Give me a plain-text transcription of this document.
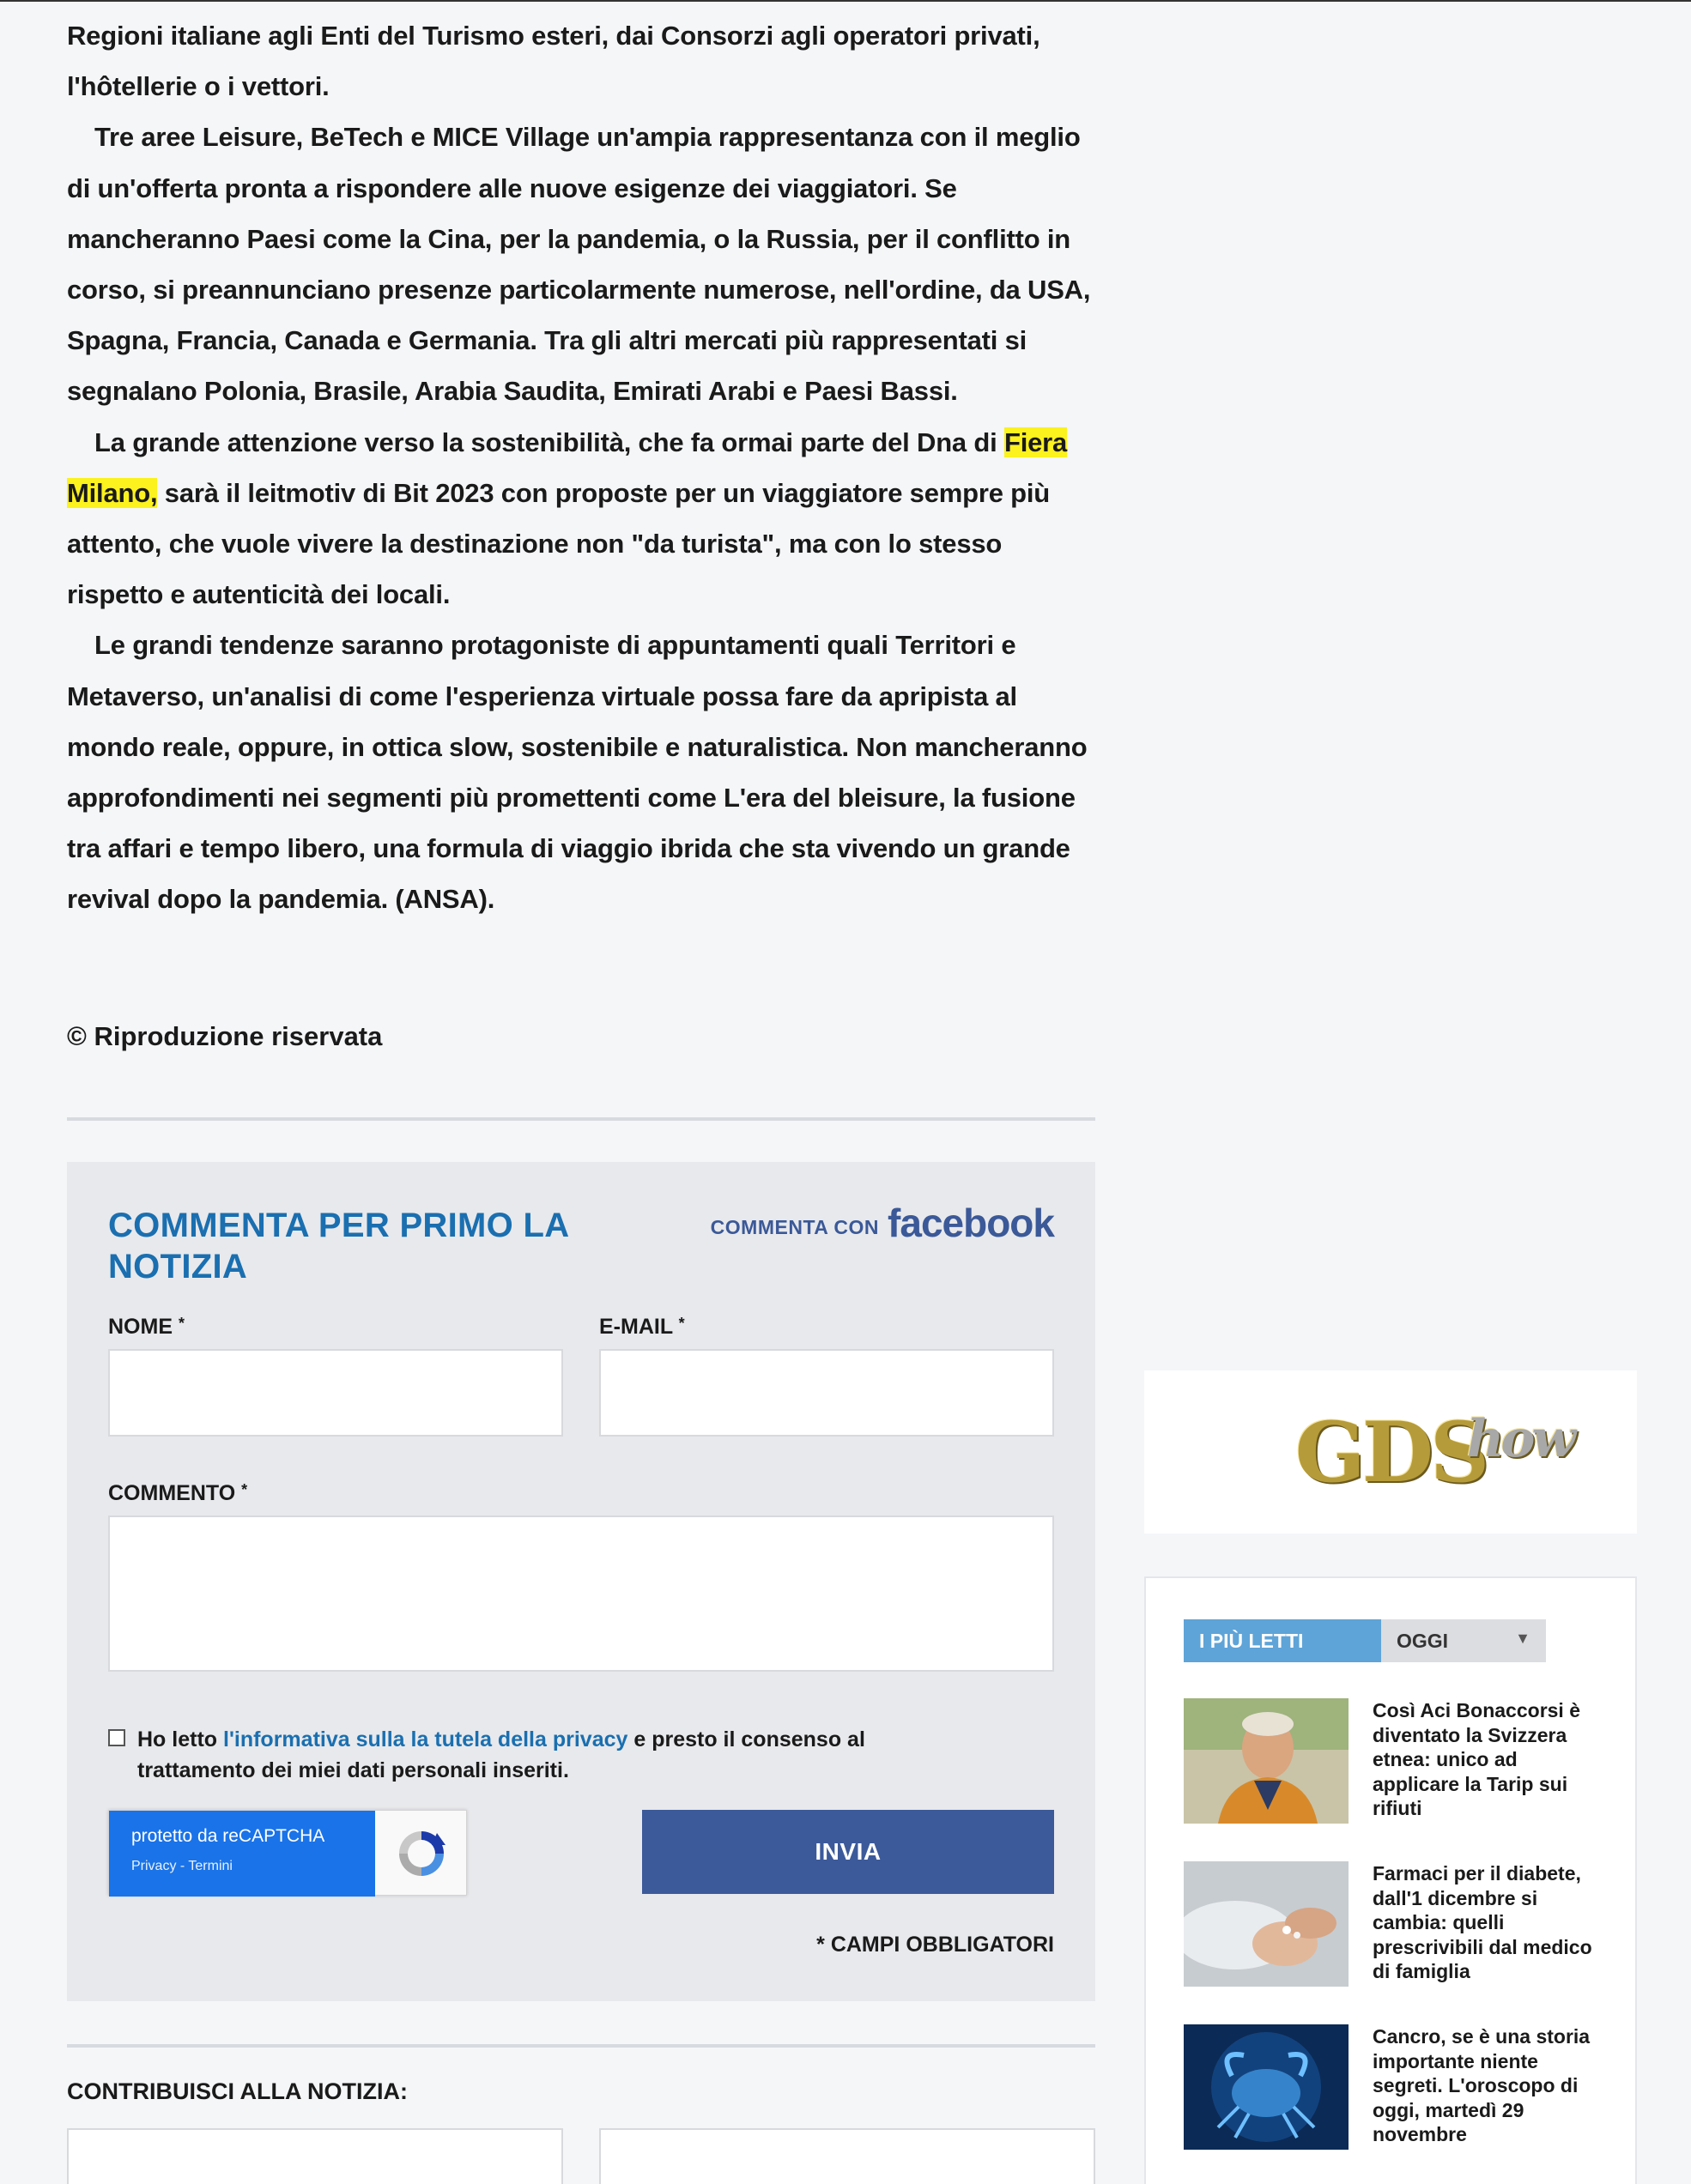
Regioni italiane agli Enti del Turismo esteri, dai Consorzi agli operatori privati, l'hôtellerie o i vettori.

Tre aree Leisure, BeTech e MICE Village un'ampia rappresentanza con il meglio di un'offerta pronta a rispondere alle nuove esigenze dei viaggiatori. Se mancheranno Paesi come la Cina, per la pandemia, o la Russia, per il conflitto in corso, si preannunciano presenze particolarmente numerose, nell'ordine, da USA, Spagna, Francia, Canada e Germania. Tra gli altri mercati più rappresentati si segnalano Polonia, Brasile, Arabia Saudita, Emirati Arabi e Paesi Bassi.

La grande attenzione verso la sostenibilità, che fa ormai parte del Dna di Fiera Milano, sarà il leitmotiv di Bit 2023 con proposte per un viaggiatore sempre più attento, che vuole vivere la destinazione non "da turista", ma con lo stesso rispetto e autenticità dei locali.

Le grandi tendenze saranno protagoniste di appuntamenti quali Territori e Metaverso, un'analisi di come l'esperienza virtuale possa fare da apripista al mondo reale, oppure, in ottica slow, sostenibile e naturalistica. Non mancheranno approfondimenti nei segmenti più promettenti come L'era del bleisure, la fusione tra affari e tempo libero, una formula di viaggio ibrida che sta vivendo un grande revival dopo la pandemia. (ANSA).

© Riproduzione riservata
COMMENTA PER PRIMO LA NOTIZIA
COMMENTA CON facebook
NOME *	E-MAIL *
COMMENTO *
Ho letto l'informativa sulla la tutela della privacy e presto il consenso al trattamento dei miei dati personali inseriti.
protetto da reCAPTCHA
Privacy - Termini
INVIA
* CAMPI OBBLIGATORI
CONTRIBUISCI ALLA NOTIZIA:
GDS
how
I PIÙ LETTI	OGGI	▼
Così Aci Bonaccorsi è diventato la Svizzera etnea: unico ad applicare la Tarip sui rifiuti
Farmaci per il diabete, dall'1 dicembre si cambia: quelli prescrivibili dal medico di famiglia
Cancro, se è una storia importante niente segreti. L'oroscopo di oggi, martedì 29 novembre
